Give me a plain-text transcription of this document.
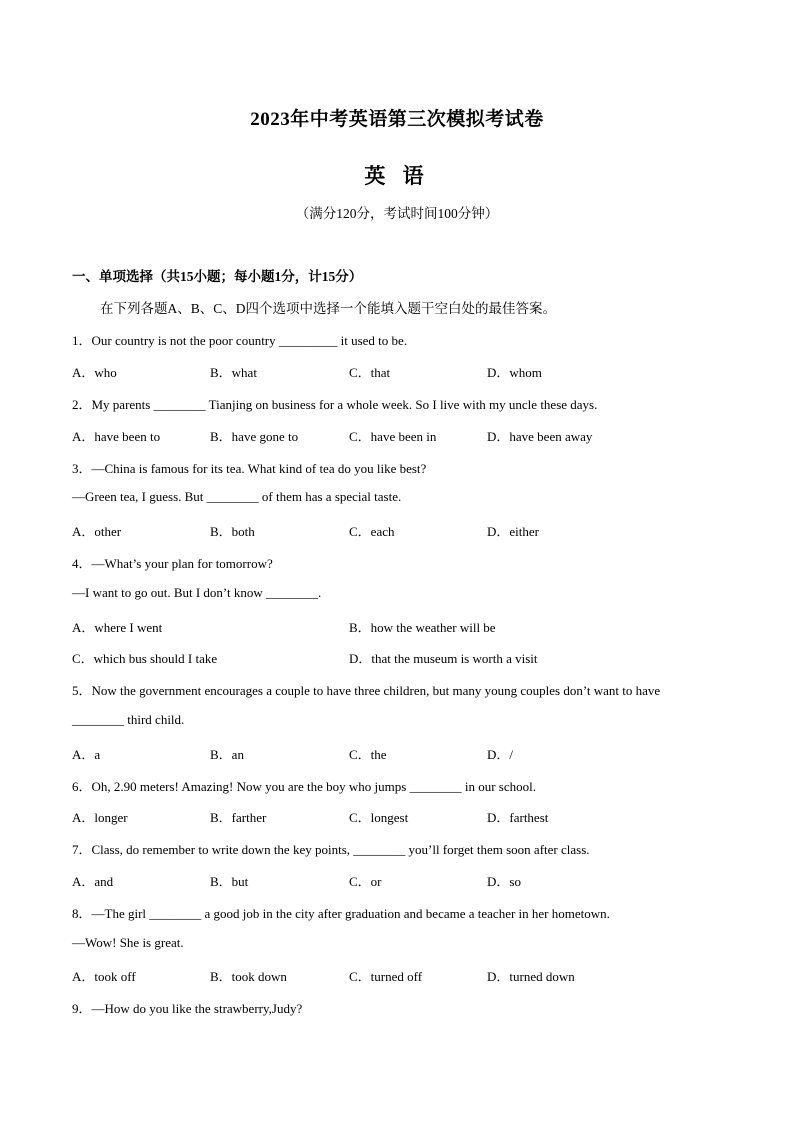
2023年中考英语第三次模拟考试卷
英 语
（满分120分，考试时间100分钟）
一、单项选择（共15小题；每小题1分，计15分）
在下列各题A、B、C、D四个选项中选择一个能填入题干空白处的最佳答案。
1．Our country is not the poor country _________ it used to be.
A．who	B．what	C．that	D．whom
2．My parents ________ Tianjing on business for a whole week. So I live with my uncle these days.
A．have been to	B．have gone to	C．have been in	D．have been away
3．—China is famous for its tea. What kind of tea do you like best?
—Green tea, I guess. But ________ of them has a special taste.
A．other	B．both	C．each	D．either
4．—What’s your plan for tomorrow?
—I want to go out. But I don’t know ________.
A．where I went	B．how the weather will be
C．which bus should I take	D．that the museum is worth a visit
5．Now the government encourages a couple to have three children, but many young couples don’t want to have
________ third child.
A．a	B．an	C．the	D．/
6．Oh, 2.90 meters! Amazing! Now you are the boy who jumps ________ in our school.
A．longer	B．farther	C．longest	D．farthest
7．Class, do remember to write down the key points, ________ you’ll forget them soon after class.
A．and	B．but	C．or	D．so
8．—The girl ________ a good job in the city after graduation and became a teacher in her hometown.
—Wow! She is great.
A．took off	B．took down	C．turned off	D．turned down
9．—How do you like the strawberry,Judy?
